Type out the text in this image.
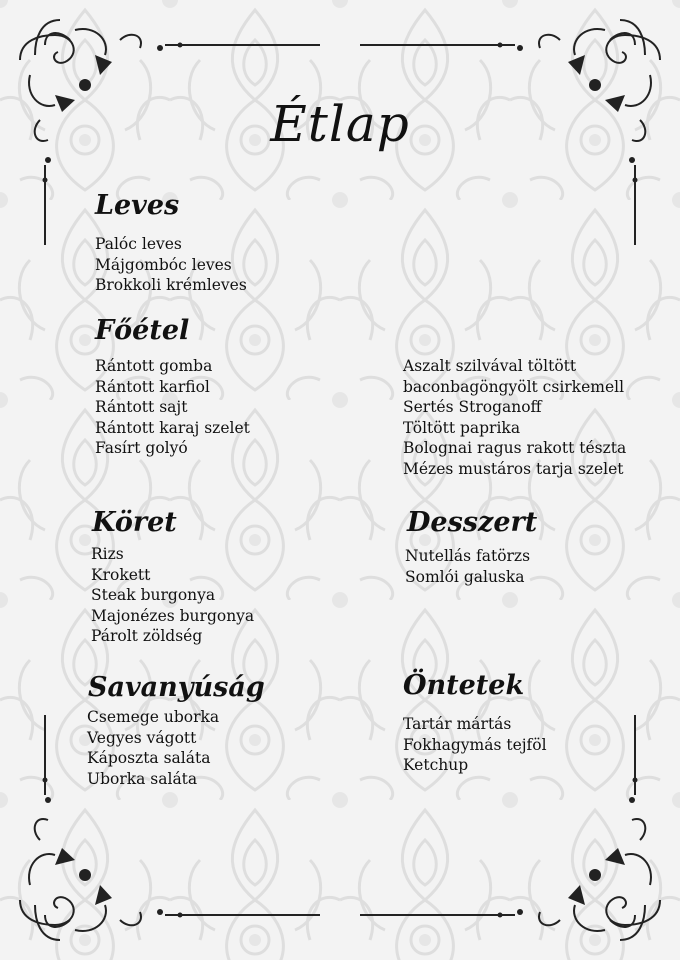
Étlap
Leves
Palóc leves
Májgombóc leves
Brokkoli krémleves
Főétel
Rántott gomba
Rántott karfiol
Rántott sajt
Rántott karaj szelet
Fasírt golyó
Aszalt szilvával töltött
baconbagöngyölt csirkemell
Sertés Stroganoff
Töltött paprika
Bolognai ragus rakott tészta
Mézes mustáros tarja szelet
Köret
Rizs
Krokett
Steak burgonya
Majonézes burgonya
Párolt zöldség
Desszert
Nutellás fatörzs
Somlói galuska
Savanyúság
Csemege uborka
Vegyes vágott
Káposzta saláta
Uborka saláta
Öntetek
Tartár mártás
Fokhagymás tejföl
Ketchup
